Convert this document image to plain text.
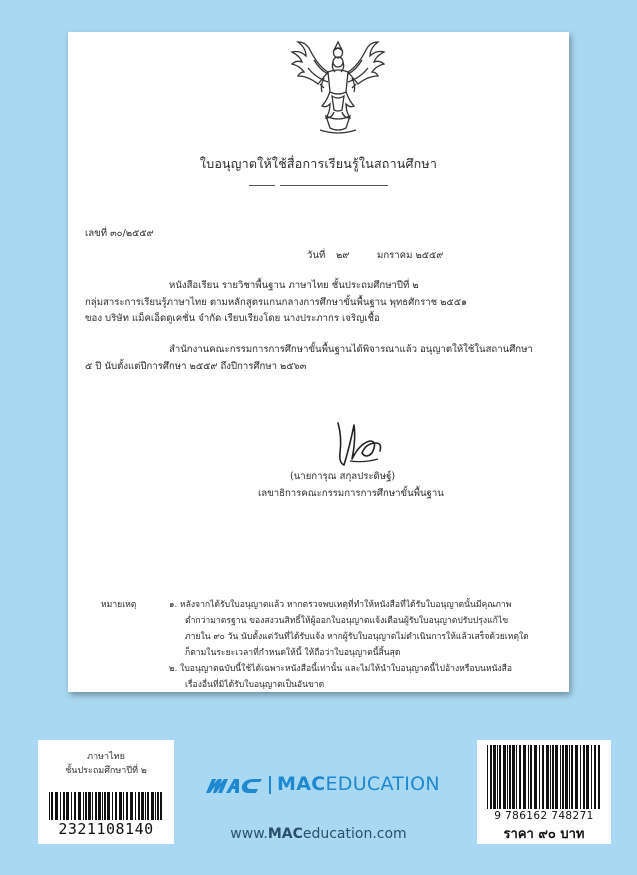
ใบอนุญาตให้ใช้สื่อการเรียนรู้ในสถานศึกษา
เลขที่ ๓๐/๒๕๕๙
วันที่ ๒๙	มกราคม ๒๕๕๙
หนังสือเรียน รายวิชาพื้นฐาน ภาษาไทย ชั้นประถมศึกษาปีที่ ๒
กลุ่มสาระการเรียนรู้ภาษาไทย ตามหลักสูตรแกนกลางการศึกษาขั้นพื้นฐาน พุทธศักราช ๒๕๕๑
ของ บริษัท แม็คเอ็ดดูเคชั่น จำกัด เรียบเรียงโดย นางประภากร เจริญเชื้อ
สำนักงานคณะกรรมการการศึกษาขั้นพื้นฐานได้พิจารณาแล้ว อนุญาตให้ใช้ในสถานศึกษา
๕ ปี นับตั้งแต่ปีการศึกษา ๒๕๕๙ ถึงปีการศึกษา ๒๕๖๓
(นายการุณ สกุลประดิษฐ์)
เลขาธิการคณะกรรมการการศึกษาขั้นพื้นฐาน
หมายเหตุ	๑. หลังจากได้รับใบอนุญาตแล้ว หากตรวจพบเหตุที่ทำให้หนังสือที่ได้รับใบอนุญาตนั้นมีคุณภาพ
ต่ำกว่ามาตรฐาน ของสงวนสิทธิ์ให้ผู้ออกใบอนุญาตแจ้งเตือนผู้รับใบอนุญาตปรับปรุงแก้ไข
ภายใน ๙๐ วัน นับตั้งแต่วันที่ได้รับแจ้ง หากผู้รับใบอนุญาตไม่ดำเนินการให้แล้วเสร็จด้วยเหตุใด
ก็ตามในระยะเวลาที่กำหนดให้นี้ ให้ถือว่าใบอนุญาตนี้สิ้นสุด
๒. ใบอนุญาตฉบับนี้ใช้ได้เฉพาะหนังสือนี้เท่านั้น และไม่ให้นำใบอนุญาตนี้ไปอ้างหรือบนหนังสือ
เรื่องอื่นที่มิได้รับใบอนุญาตเป็นอันขาด
ภาษาไทย
ชั้นประถมศึกษาปีที่ ๒
2321108140
MACEDUCATION
www.MACeducation.com
9 786162 748271
ราคา ๙๐ บาท
